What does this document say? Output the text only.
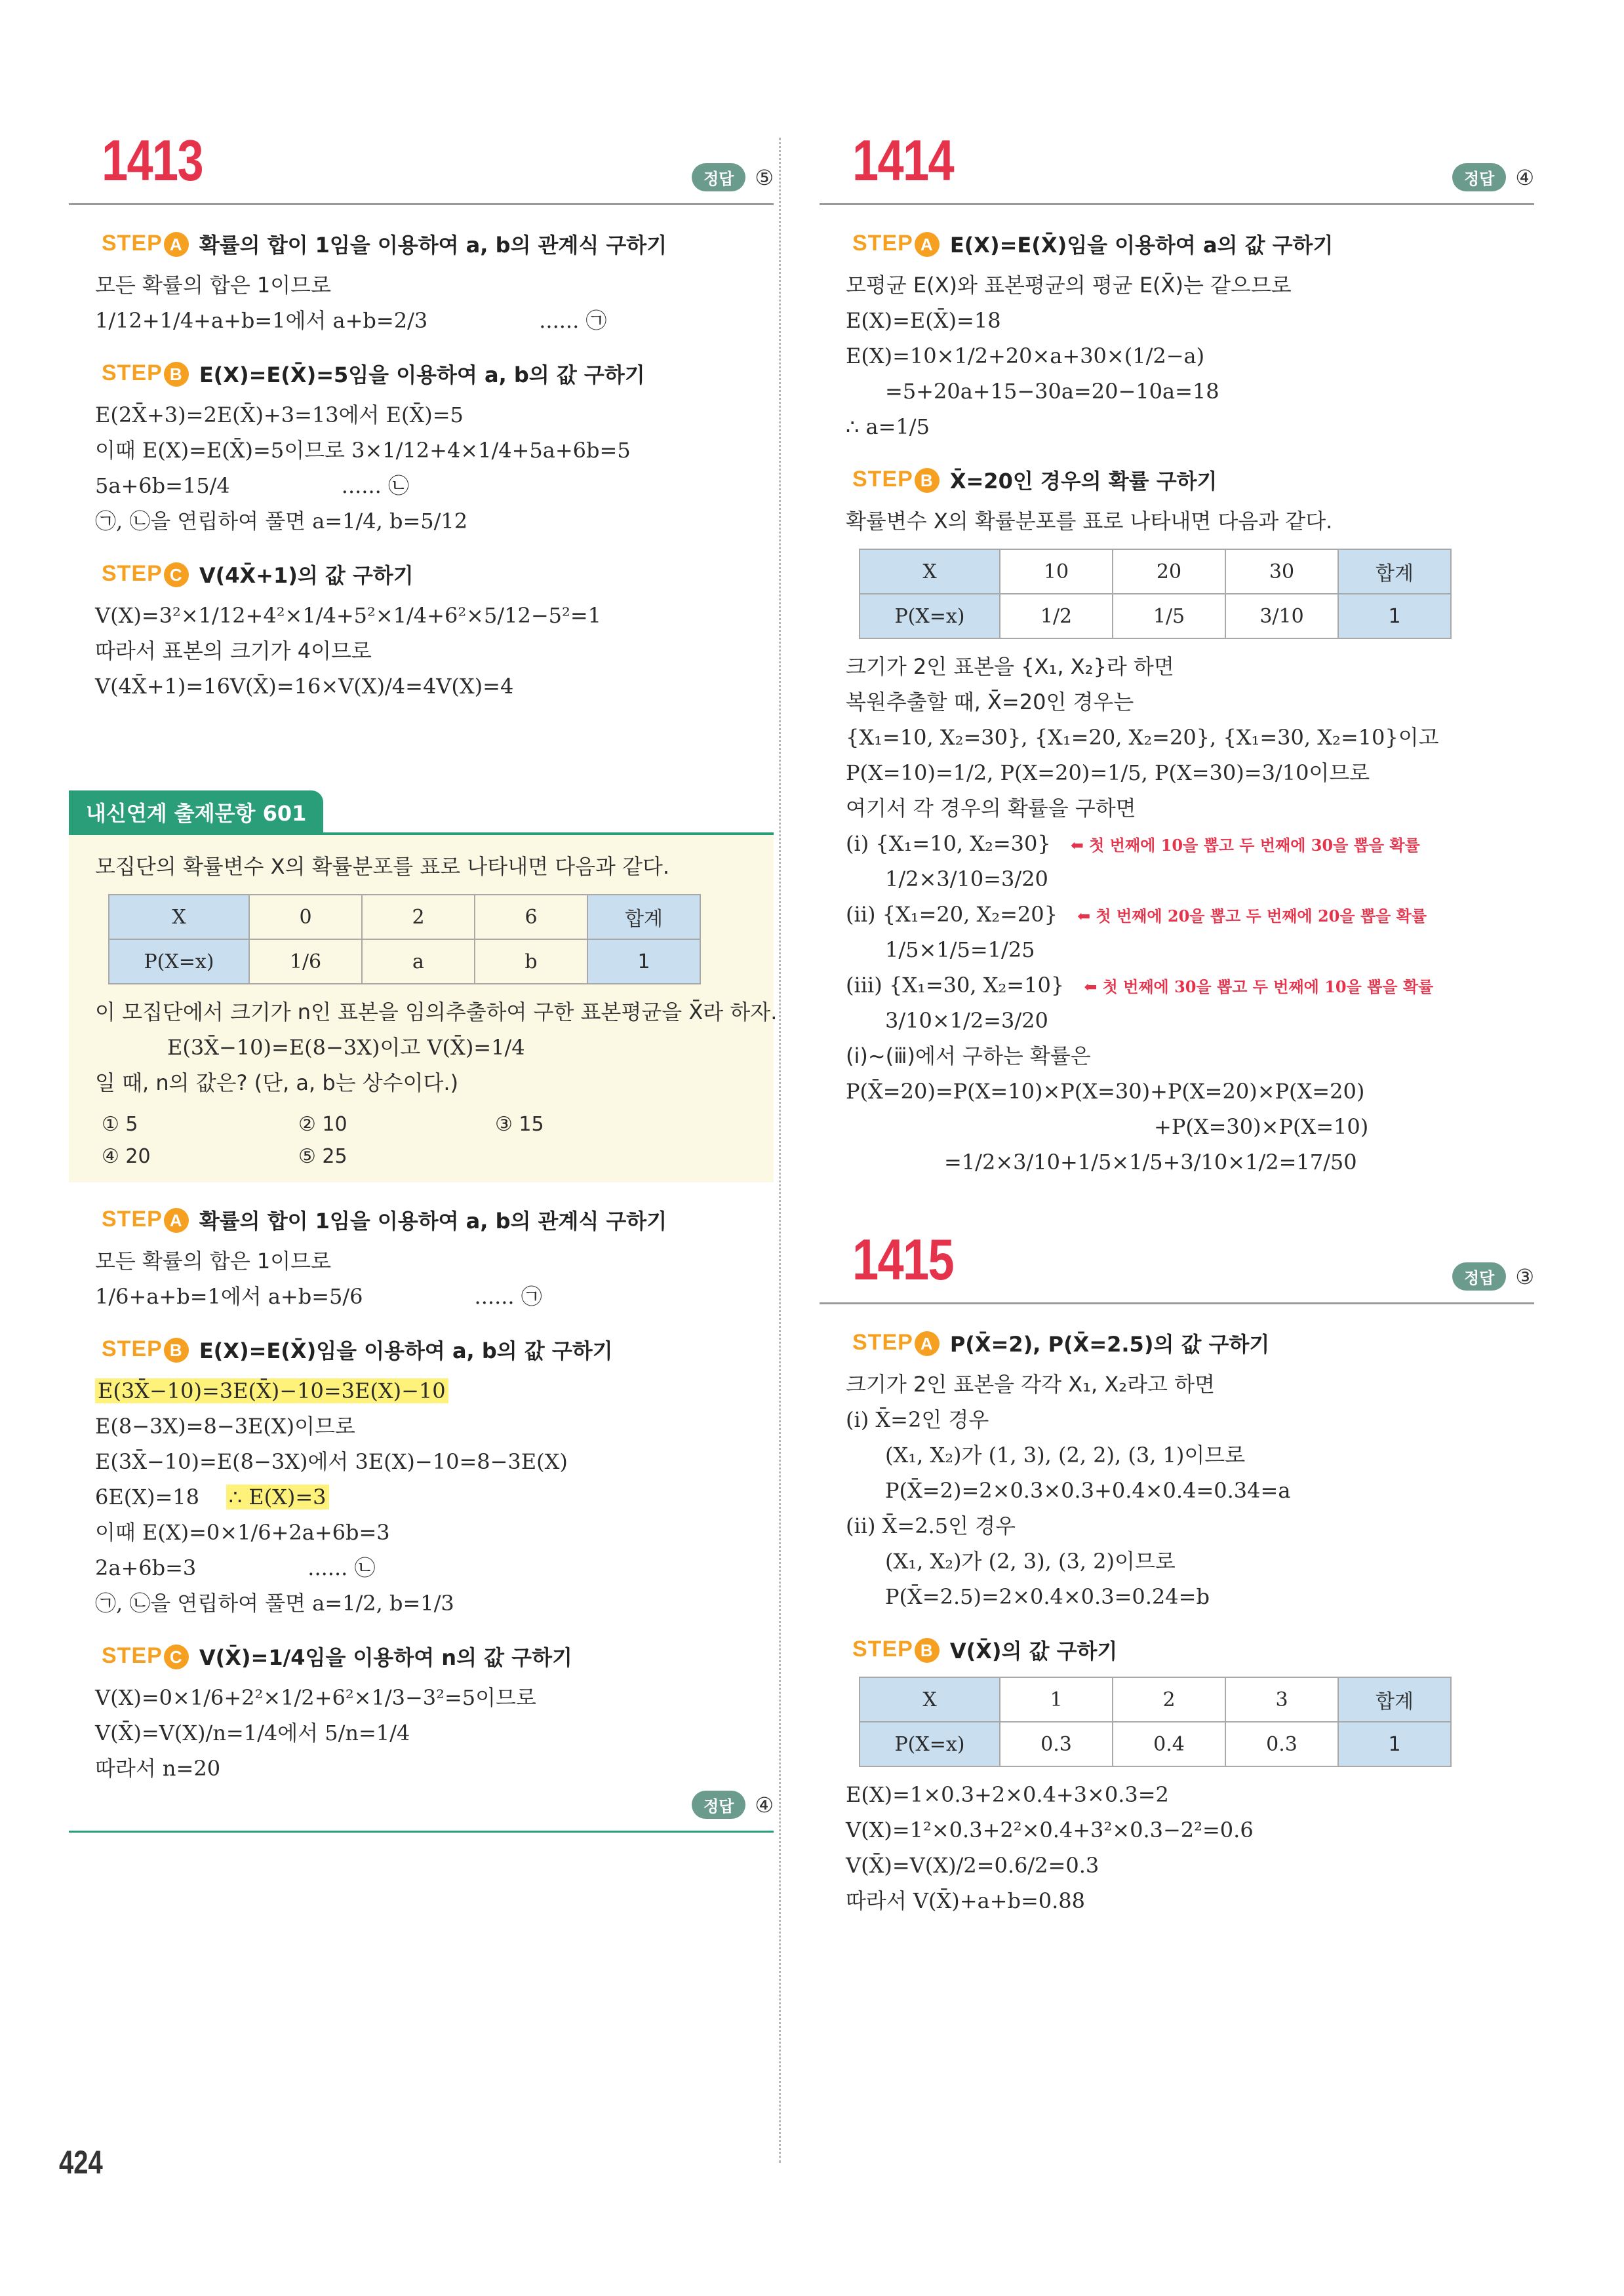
1413	정답	⑤
STEP A 확률의 합이 1임을 이용하여 a, b의 관계식 구하기
모든 확률의 합은 1이므로
1/12+1/4+a+b=1에서 a+b=2/3	...... ㉠
STEP B E(X)=E(X̄)=5임을 이용하여 a, b의 값 구하기
E(2X̄+3)=2E(X̄)+3=13에서 E(X̄)=5
이때 E(X)=E(X̄)=5이므로 3×1/12+4×1/4+5a+6b=5
5a+6b=15/4	...... ㉡
㉠, ㉡을 연립하여 풀면 a=1/4, b=5/12
STEP C V(4X̄+1)의 값 구하기
V(X)=3²×1/12+4²×1/4+5²×1/4+6²×5/12−5²=1
따라서 표본의 크기가 4이므로
V(4X̄+1)=16V(X̄)=16×V(X)/4=4V(X)=4
내신연계 출제문항 601
모집단의 확률변수 X의 확률분포를 표로 나타내면 다음과 같다.
X	0	2	6	합계
P(X=x)	1/6	a	b	1
이 모집단에서 크기가 n인 표본을 임의추출하여 구한 표본평균을 X̄라 하자.
E(3X̄−10)=E(8−3X)이고 V(X̄)=1/4
일 때, n의 값은? (단, a, b는 상수이다.)
① 5	② 10	③ 15
④ 20	⑤ 25
STEP A 확률의 합이 1임을 이용하여 a, b의 관계식 구하기
모든 확률의 합은 1이므로
1/6+a+b=1에서 a+b=5/6	...... ㉠
STEP B E(X)=E(X̄)임을 이용하여 a, b의 값 구하기
E(3X̄−10)=3E(X̄)−10=3E(X)−10
E(8−3X)=8−3E(X)이므로
E(3X̄−10)=E(8−3X)에서 3E(X)−10=8−3E(X)
6E(X)=18 ∴ E(X)=3
이때 E(X)=0×1/6+2a+6b=3
2a+6b=3	...... ㉡
㉠, ㉡을 연립하여 풀면 a=1/2, b=1/3
STEP C V(X̄)=1/4임을 이용하여 n의 값 구하기
V(X)=0×1/6+2²×1/2+6²×1/3−3²=5이므로
V(X̄)=V(X)/n=1/4에서 5/n=1/4
따라서 n=20
정답	④
1414	정답	④
STEP A E(X)=E(X̄)임을 이용하여 a의 값 구하기
모평균 E(X)와 표본평균의 평균 E(X̄)는 같으므로
E(X)=E(X̄)=18
E(X)=10×1/2+20×a+30×(1/2−a)
=5+20a+15−30a=20−10a=18
∴ a=1/5
STEP B X̄=20인 경우의 확률 구하기
확률변수 X의 확률분포를 표로 나타내면 다음과 같다.
X	10	20	30	합계
P(X=x)	1/2	1/5	3/10	1
크기가 2인 표본을 {X₁, X₂}라 하면
복원추출할 때, X̄=20인 경우는
{X₁=10, X₂=30}, {X₁=20, X₂=20}, {X₁=30, X₂=10}이고
P(X=10)=1/2, P(X=20)=1/5, P(X=30)=3/10이므로
여기서 각 경우의 확률을 구하면
(ⅰ) {X₁=10, X₂=30} ⬅ 첫 번째에 10을 뽑고 두 번째에 30을 뽑을 확률
1/2×3/10=3/20
(ⅱ) {X₁=20, X₂=20} ⬅ 첫 번째에 20을 뽑고 두 번째에 20을 뽑을 확률
1/5×1/5=1/25
(ⅲ) {X₁=30, X₂=10} ⬅ 첫 번째에 30을 뽑고 두 번째에 10을 뽑을 확률
3/10×1/2=3/20
(ⅰ)~(ⅲ)에서 구하는 확률은
P(X̄=20)=P(X=10)×P(X=30)+P(X=20)×P(X=20)
+P(X=30)×P(X=10)
=1/2×3/10+1/5×1/5+3/10×1/2=17/50
1415	정답	③
STEP A P(X̄=2), P(X̄=2.5)의 값 구하기
크기가 2인 표본을 각각 X₁, X₂라고 하면
(ⅰ) X̄=2인 경우
(X₁, X₂)가 (1, 3), (2, 2), (3, 1)이므로
P(X̄=2)=2×0.3×0.3+0.4×0.4=0.34=a
(ⅱ) X̄=2.5인 경우
(X₁, X₂)가 (2, 3), (3, 2)이므로
P(X̄=2.5)=2×0.4×0.3=0.24=b
STEP B V(X̄)의 값 구하기
X	1	2	3	합계
P(X=x)	0.3	0.4	0.3	1
E(X)=1×0.3+2×0.4+3×0.3=2
V(X)=1²×0.3+2²×0.4+3²×0.3−2²=0.6
V(X̄)=V(X)/2=0.6/2=0.3
따라서 V(X̄)+a+b=0.88
424
